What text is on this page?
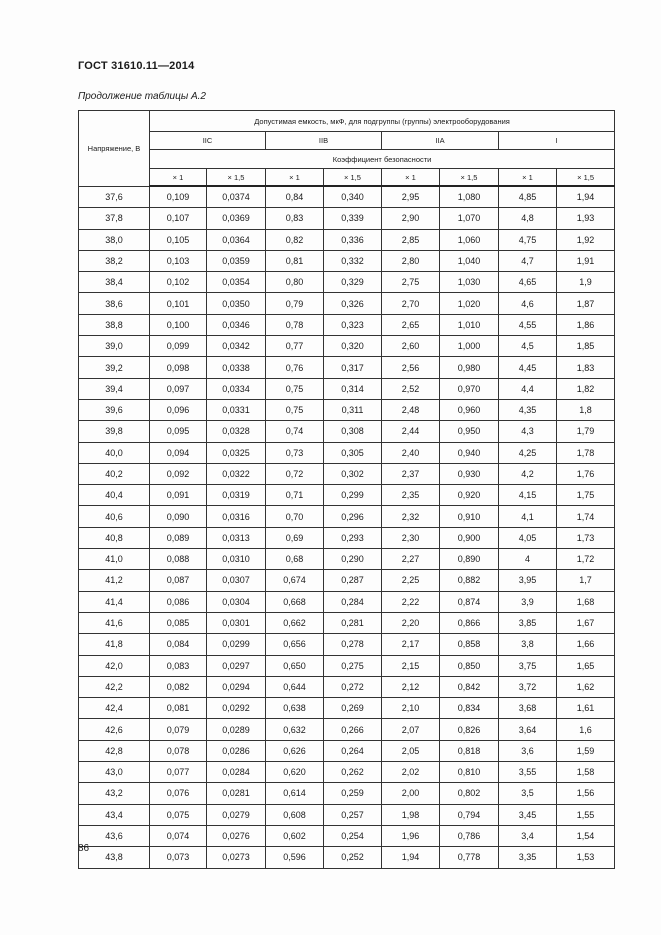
ГОСТ 31610.11—2014
Продолжение таблицы А.2
Напряжение, В	Допустимая емкость, мкФ, для подгруппы (группы) электрооборудования							
	IIC		IIB		IIA		I	
	Коэффициент безопасности							
	× 1	× 1,5	× 1	× 1,5	× 1	× 1,5	× 1	× 1,5
37,6	0,109	0,0374	0,84	0,340	2,95	1,080	4,85	1,94
37,8	0,107	0,0369	0,83	0,339	2,90	1,070	4,8	1,93
38,0	0,105	0,0364	0,82	0,336	2,85	1,060	4,75	1,92
38,2	0,103	0,0359	0,81	0,332	2,80	1,040	4,7	1,91
38,4	0,102	0,0354	0,80	0,329	2,75	1,030	4,65	1,9
38,6	0,101	0,0350	0,79	0,326	2,70	1,020	4,6	1,87
38,8	0,100	0,0346	0,78	0,323	2,65	1,010	4,55	1,86
39,0	0,099	0,0342	0,77	0,320	2,60	1,000	4,5	1,85
39,2	0,098	0,0338	0,76	0,317	2,56	0,980	4,45	1,83
39,4	0,097	0,0334	0,75	0,314	2,52	0,970	4,4	1,82
39,6	0,096	0,0331	0,75	0,311	2,48	0,960	4,35	1,8
39,8	0,095	0,0328	0,74	0,308	2,44	0,950	4,3	1,79
40,0	0,094	0,0325	0,73	0,305	2,40	0,940	4,25	1,78
40,2	0,092	0,0322	0,72	0,302	2,37	0,930	4,2	1,76
40,4	0,091	0,0319	0,71	0,299	2,35	0,920	4,15	1,75
40,6	0,090	0,0316	0,70	0,296	2,32	0,910	4,1	1,74
40,8	0,089	0,0313	0,69	0,293	2,30	0,900	4,05	1,73
41,0	0,088	0,0310	0,68	0,290	2,27	0,890	4	1,72
41,2	0,087	0,0307	0,674	0,287	2,25	0,882	3,95	1,7
41,4	0,086	0,0304	0,668	0,284	2,22	0,874	3,9	1,68
41,6	0,085	0,0301	0,662	0,281	2,20	0,866	3,85	1,67
41,8	0,084	0,0299	0,656	0,278	2,17	0,858	3,8	1,66
42,0	0,083	0,0297	0,650	0,275	2,15	0,850	3,75	1,65
42,2	0,082	0,0294	0,644	0,272	2,12	0,842	3,72	1,62
42,4	0,081	0,0292	0,638	0,269	2,10	0,834	3,68	1,61
42,6	0,079	0,0289	0,632	0,266	2,07	0,826	3,64	1,6
42,8	0,078	0,0286	0,626	0,264	2,05	0,818	3,6	1,59
43,0	0,077	0,0284	0,620	0,262	2,02	0,810	3,55	1,58
43,2	0,076	0,0281	0,614	0,259	2,00	0,802	3,5	1,56
43,4	0,075	0,0279	0,608	0,257	1,98	0,794	3,45	1,55
43,6	0,074	0,0276	0,602	0,254	1,96	0,786	3,4	1,54
43,8	0,073	0,0273	0,596	0,252	1,94	0,778	3,35	1,53
86
